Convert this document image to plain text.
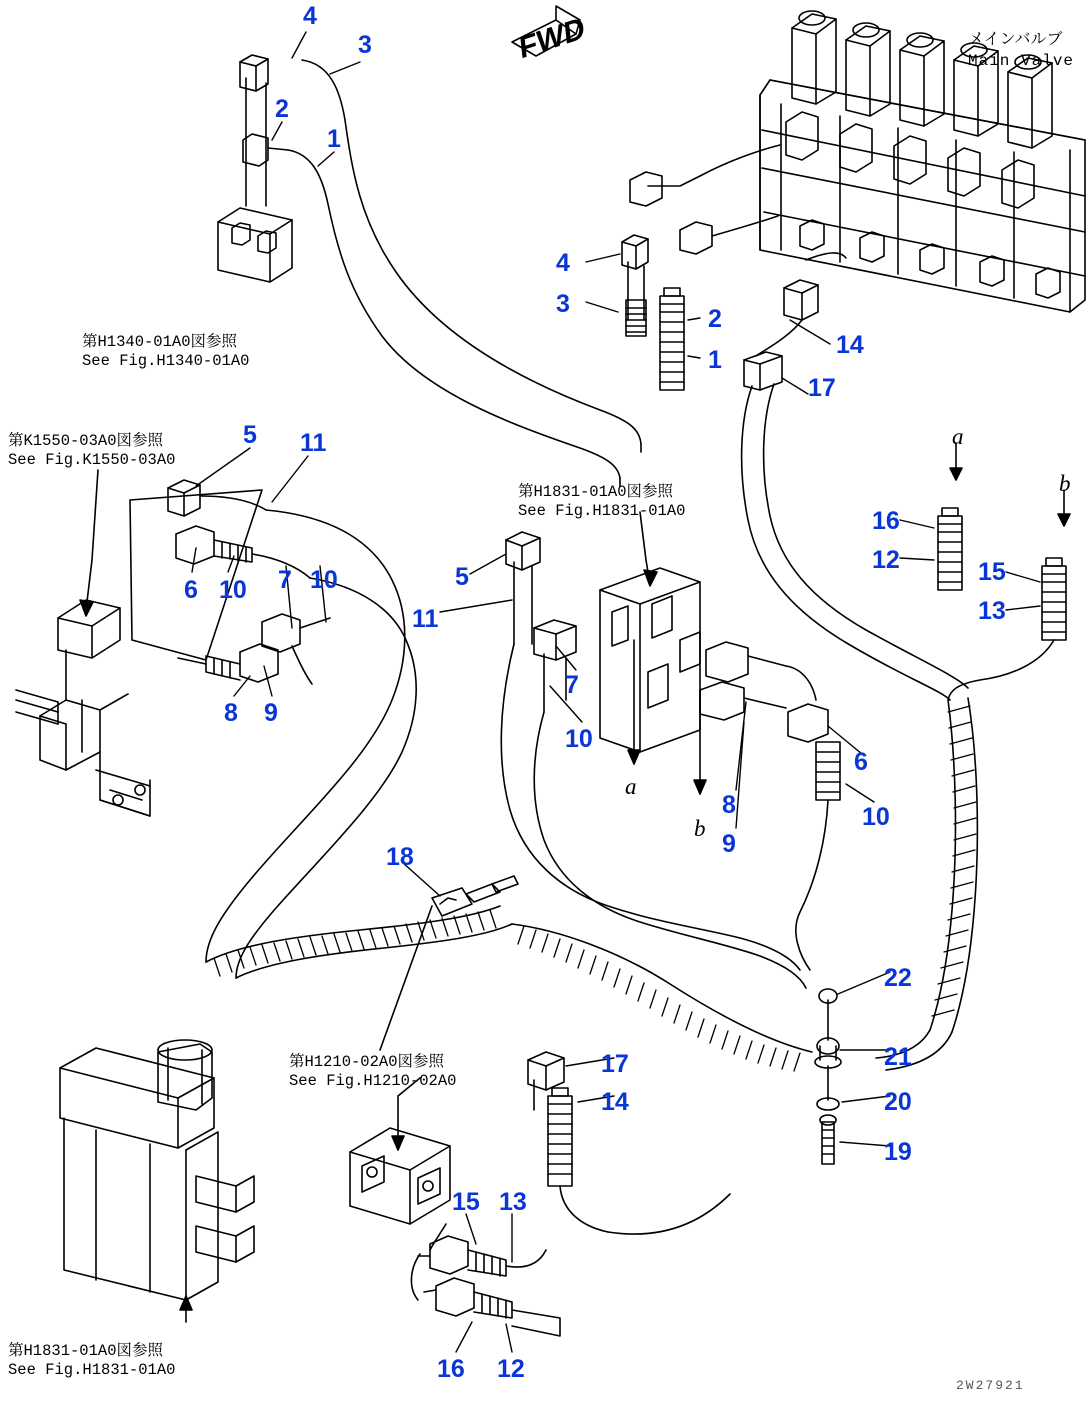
FWD	メインバルブ
Main Valve
第H1340-01A0図参照
See Fig.H1340-01A0
第K1550-03A0図参照
See Fig.K1550-03A0
第H1831-01A0図参照
See Fig.H1831-01A0
第H1210-02A0図参照
See Fig.H1210-02A0
第H1831-01A0図参照
See Fig.H1831-01A0
a
b
a
b
4
3
2
1
4
3
2
1
14
17
16
12	15
13
5 11
6 10 7 10
8 9
5
11
7
10
8
9
6
10
18
22
21
20
19
17
14
15 13
16 12
2W27921
